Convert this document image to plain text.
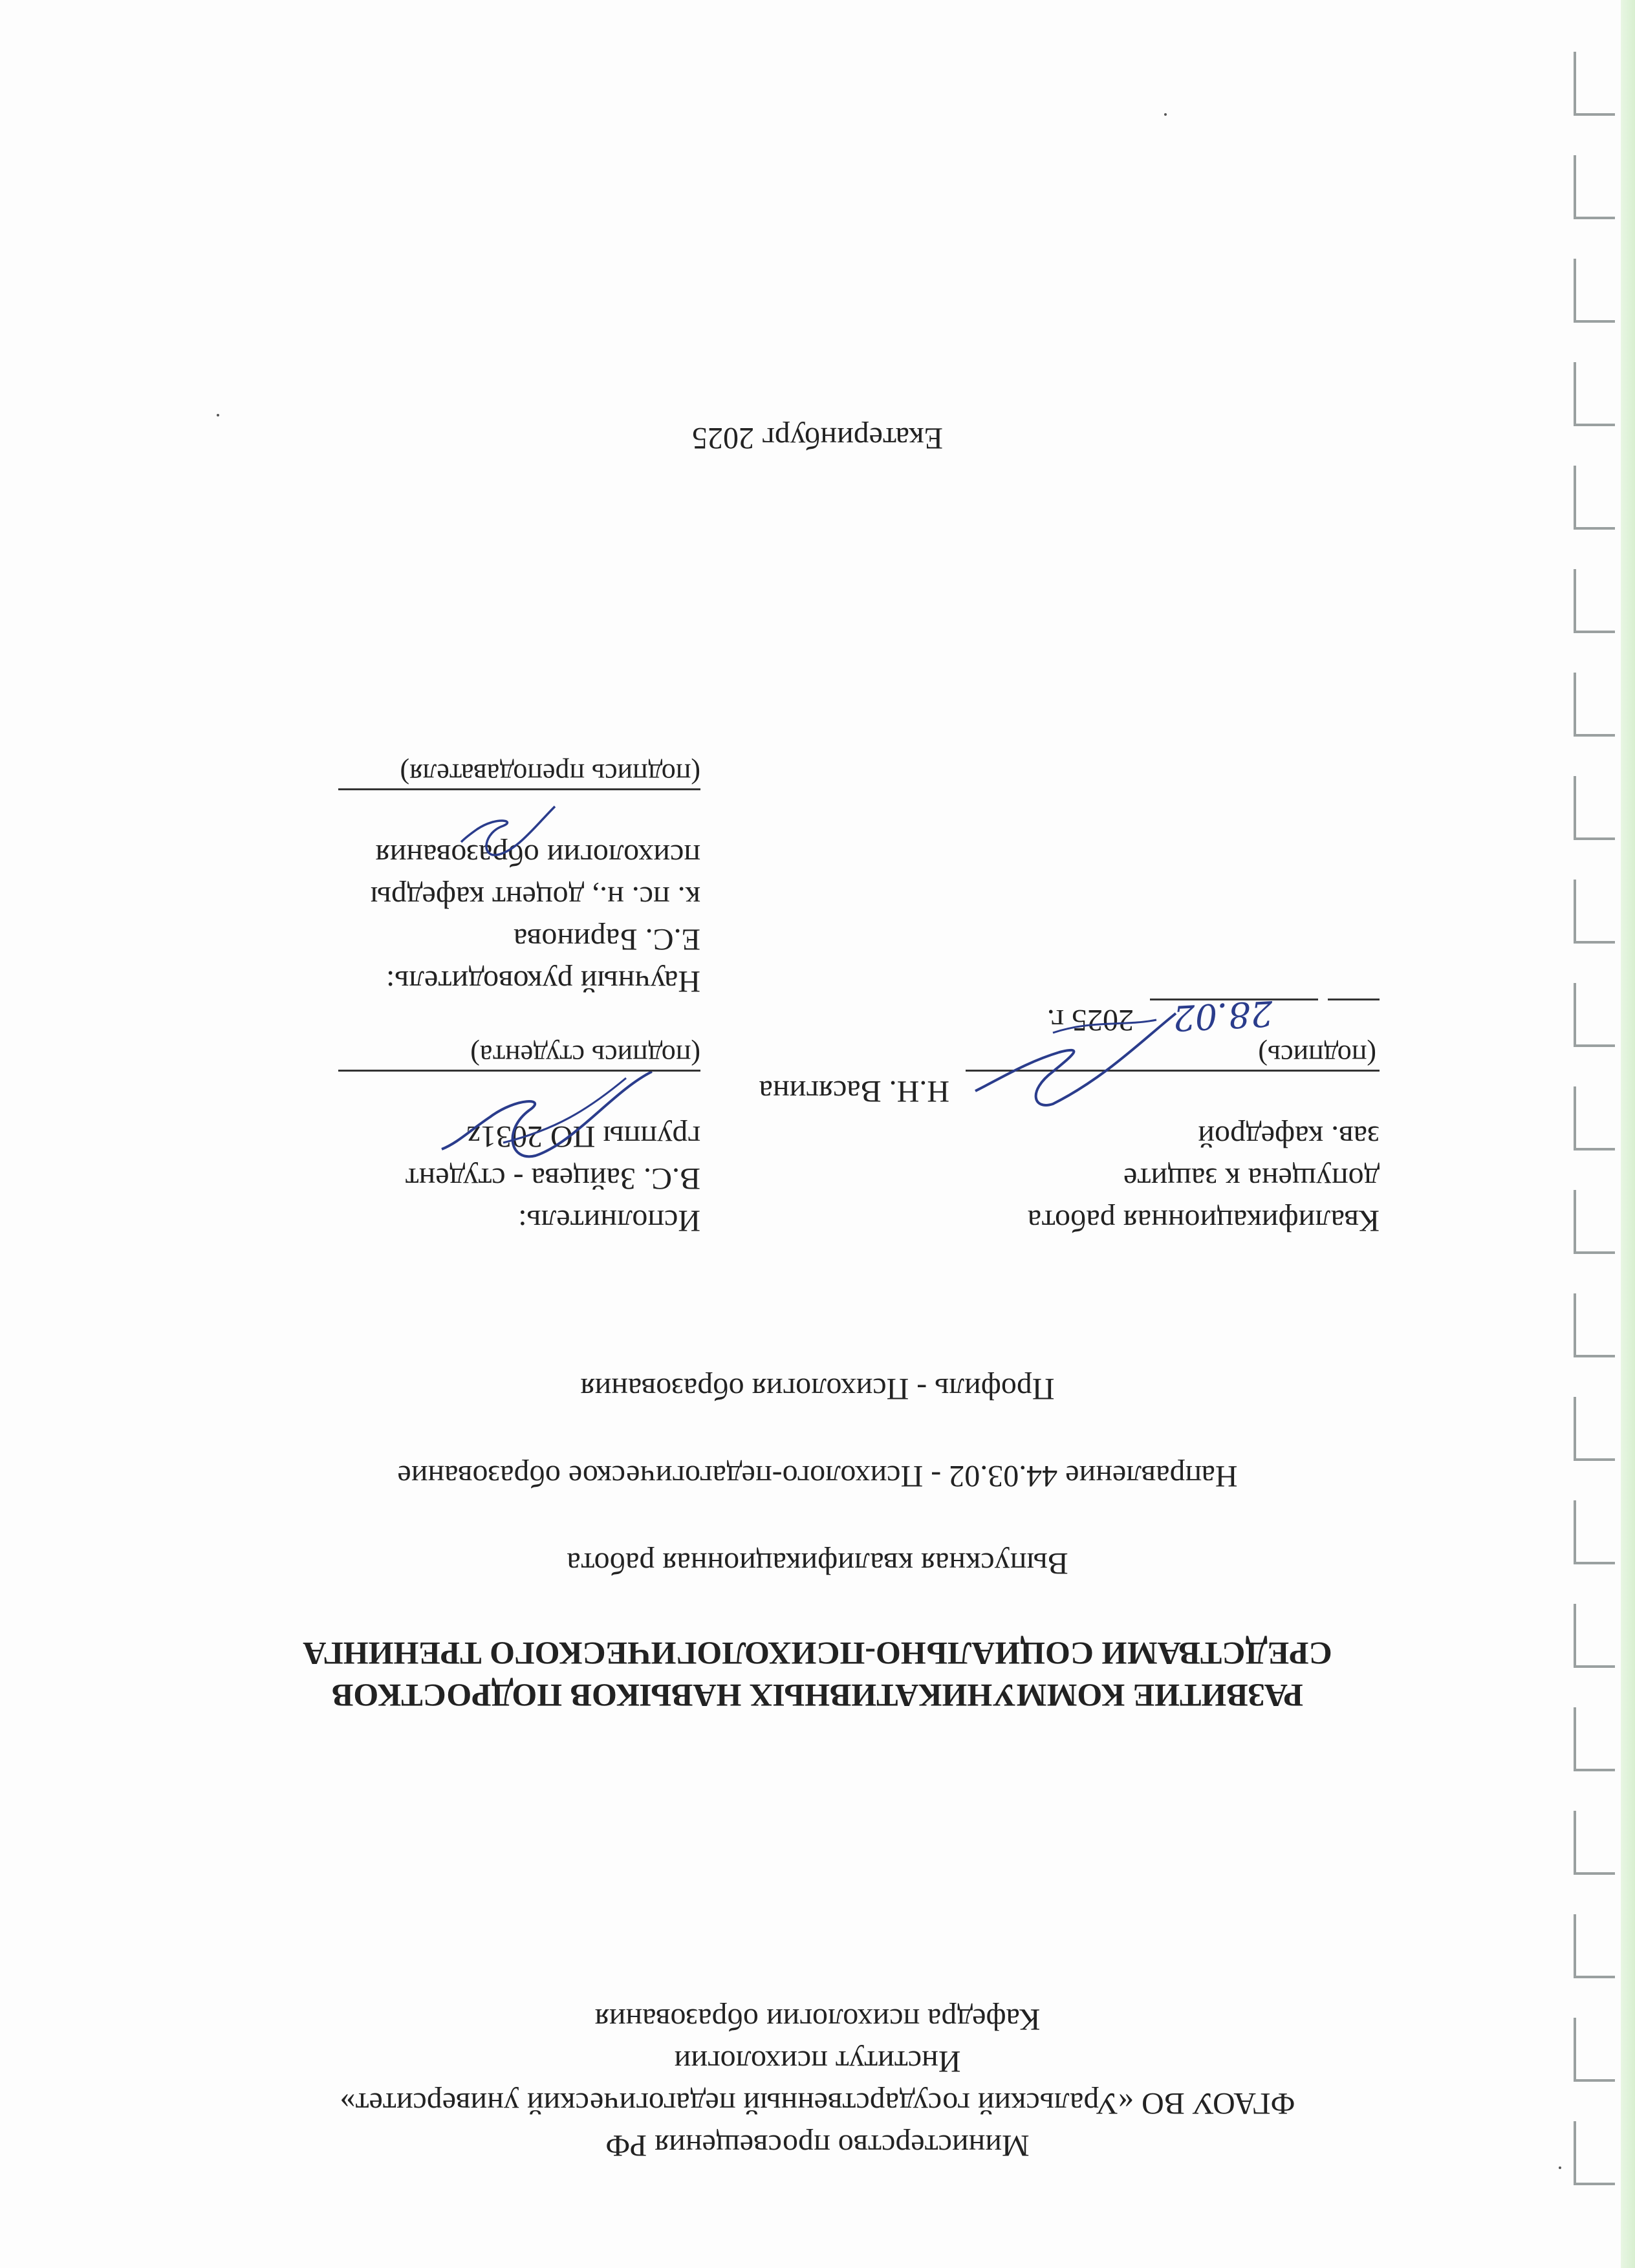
Министерство просвещения РФ
ФГАОУ ВО «Уральский государственный педагогический университет»
Институт психологии
Кафедра психологии образования
РАЗВИТИЕ КОММУНИКАТИВНЫХ НАВЫКОВ ПОДРОСТКОВ
СРЕДСТВАМИ СОЦИАЛЬНО-ПСИХОЛОГИЧЕСКОГО ТРЕНИНГА
Выпускная квалификационная работа
Направление 44.03.02 - Психолого-педагогическое образование
Профиль - Психология образования
Квалификационная работа
допущена к защите
зав. кафедрой
Н.Н. Васягина
(подпись)
2025 г. 28.02
Исполнитель:
В.С. Зайцева - студент
группы ПО 2031z
(подпись студента)
Научный руководитель:
Е.С. Баринова
к. пс. н., доцент кафедры
психологии образования
(подпись преподавателя)
Екатеринбург 2025
